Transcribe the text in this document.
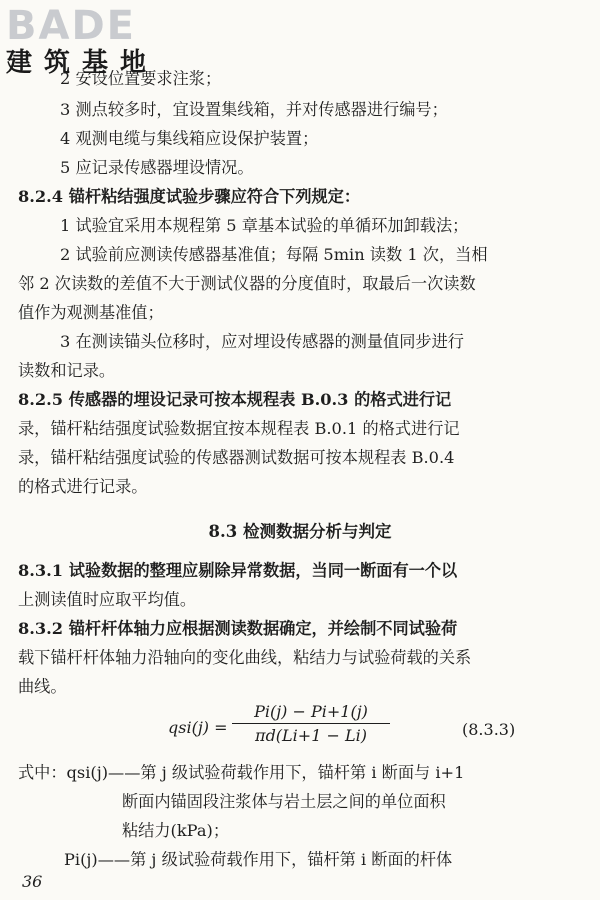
BADE
建筑基地
2 安设位置要求注浆；
3 测点较多时，宜设置集线箱，并对传感器进行编号；
4 观测电缆与集线箱应设保护装置；
5 应记录传感器埋设情况。
8.2.4 锚杆粘结强度试验步骤应符合下列规定：
1 试验宜采用本规程第 5 章基本试验的单循环加卸载法；
2 试验前应测读传感器基准值；每隔 5min 读数 1 次，当相
邻 2 次读数的差值不大于测试仪器的分度值时，取最后一次读数
值作为观测基准值；
3 在测读锚头位移时，应对埋设传感器的测量值同步进行
读数和记录。
8.2.5 传感器的埋设记录可按本规程表 B.0.3 的格式进行记
录，锚杆粘结强度试验数据宜按本规程表 B.0.1 的格式进行记
录，锚杆粘结强度试验的传感器测试数据可按本规程表 B.0.4
的格式进行记录。
8.3 检测数据分析与判定
8.3.1 试验数据的整理应剔除异常数据，当同一断面有一个以
上测读值时应取平均值。
8.3.2 锚杆杆体轴力应根据测读数据确定，并绘制不同试验荷
载下锚杆杆体轴力沿轴向的变化曲线，粘结力与试验荷载的关系
曲线。
$qsi(j) = \frac{Pi(j) - Pi+1(j)}{\pi d(Li+1 - Li)}$	(8.3.3)
式中：qsi(j)——第 j 级试验荷载作用下，锚杆第 i 断面与 i+1
断面内锚固段注浆体与岩土层之间的单位面积
粘结力(kPa)；
Pi(j)——第 j 级试验荷载作用下，锚杆第 i 断面的杆体
36
